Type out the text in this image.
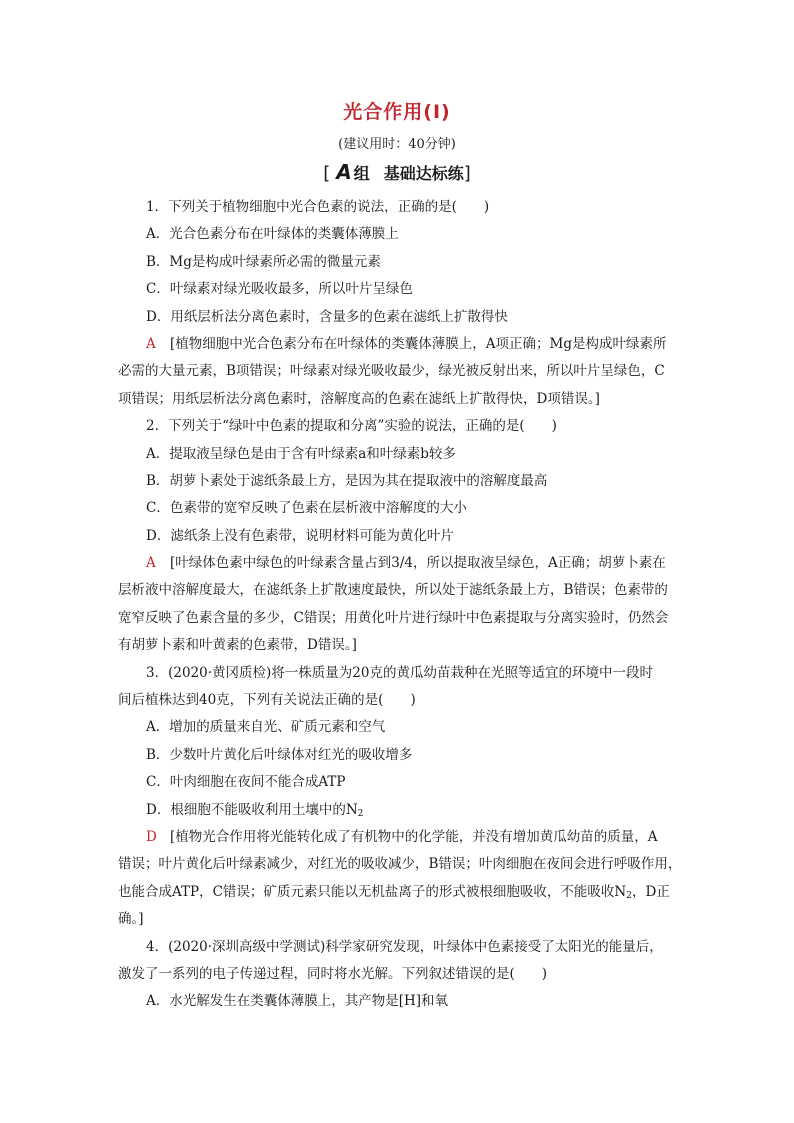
光合作用(Ⅰ)
(建议用时：40分钟)
[ A 组 基础达标练]
1．下列关于植物细胞中光合色素的说法，正确的是(　　)
A．光合色素分布在叶绿体的类囊体薄膜上
B．Mg是构成叶绿素所必需的微量元素
C．叶绿素对绿光吸收最多，所以叶片呈绿色
D．用纸层析法分离色素时，含量多的色素在滤纸上扩散得快
A [植物细胞中光合色素分布在叶绿体的类囊体薄膜上，A项正确；Mg是构成叶绿素所
必需的大量元素，B项错误；叶绿素对绿光吸收最少，绿光被反射出来，所以叶片呈绿色，C
项错误；用纸层析法分离色素时，溶解度高的色素在滤纸上扩散得快，D项错误。]
2．下列关于“绿叶中色素的提取和分离”实验的说法，正确的是(　　)
A．提取液呈绿色是由于含有叶绿素a和叶绿素b较多
B．胡萝卜素处于滤纸条最上方，是因为其在提取液中的溶解度最高
C．色素带的宽窄反映了色素在层析液中溶解度的大小
D．滤纸条上没有色素带，说明材料可能为黄化叶片
A [叶绿体色素中绿色的叶绿素含量占到3/4，所以提取液呈绿色，A正确；胡萝卜素在
层析液中溶解度最大，在滤纸条上扩散速度最快，所以处于滤纸条最上方，B错误；色素带的
宽窄反映了色素含量的多少，C错误；用黄化叶片进行绿叶中色素提取与分离实验时，仍然会
有胡萝卜素和叶黄素的色素带，D错误。]
3．(2020·黄冈质检)将一株质量为20克的黄瓜幼苗栽种在光照等适宜的环境中一段时
间后植株达到40克，下列有关说法正确的是(　　)
A．增加的质量来自光、矿质元素和空气
B．少数叶片黄化后叶绿体对红光的吸收增多
C．叶肉细胞在夜间不能合成ATP
D．根细胞不能吸收利用土壤中的$N_2$
D [植物光合作用将光能转化成了有机物中的化学能，并没有增加黄瓜幼苗的质量，A
错误；叶片黄化后叶绿素减少，对红光的吸收减少，B错误；叶肉细胞在夜间会进行呼吸作用，
也能合成ATP，C错误；矿质元素只能以无机盐离子的形式被根细胞吸收，不能吸收$N_2$，D正
确。]
4．(2020·深圳高级中学测试)科学家研究发现，叶绿体中色素接受了太阳光的能量后，
激发了一系列的电子传递过程，同时将水光解。下列叙述错误的是(　　)
A．水光解发生在类囊体薄膜上，其产物是[H]和氧
